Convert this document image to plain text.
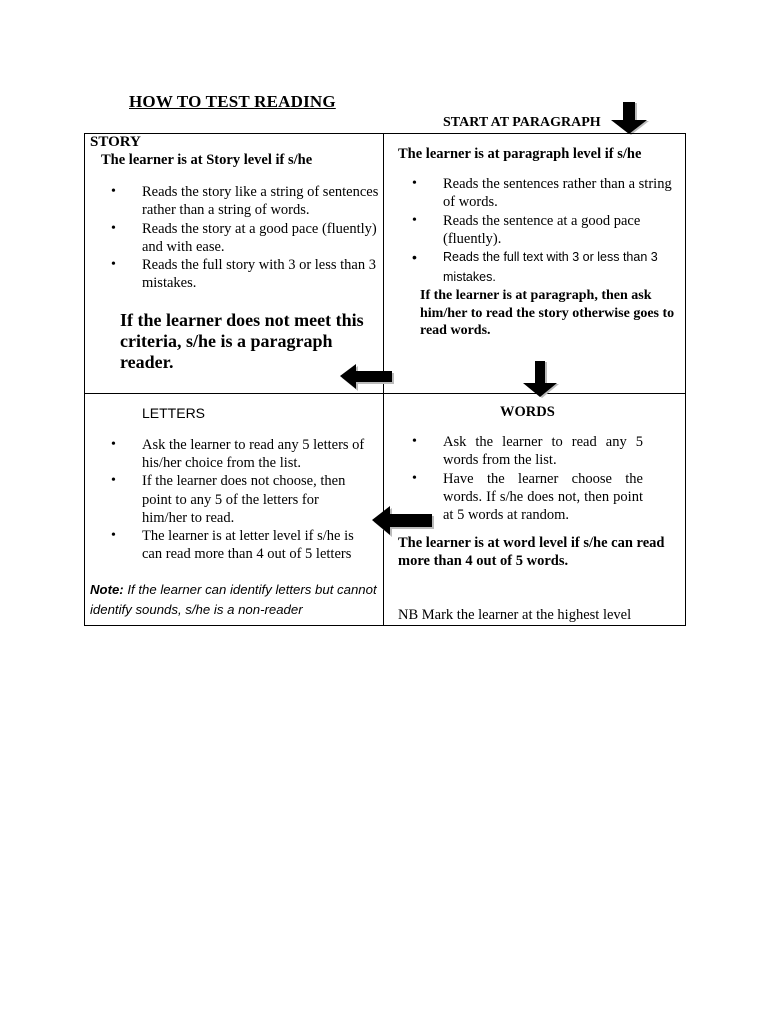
HOW TO TEST READING
START AT PARAGRAPH
STORY
The learner is at Story level if s/he
• Reads the story like a string of sentences rather than a string of words.
• Reads the story at a good pace (fluently) and with ease.
• Reads the full story with 3 or less than 3 mistakes.
If the learner does not meet this criteria, s/he is a paragraph reader.
The learner is at paragraph level if s/he
• Reads the sentences rather than a string of words.
• Reads the sentence at a good pace (fluently).
• Reads the full text with 3 or less than 3 mistakes.
If the learner is at paragraph, then ask him/her to read the story otherwise goes to read words.
LETTERS
• Ask the learner to read any 5 letters of his/her choice from the list.
• If the learner does not choose, then point to any 5 of the letters for him/her to read.
• The learner is at letter level if s/he is can read more than 4 out of 5 letters
Note: If the learner can identify letters but cannot identify sounds, s/he is a non-reader
WORDS
• Ask the learner to read any 5 words from the list.
• Have the learner choose the words. If s/he does not, then point at 5 words at random.
The learner is at word level if s/he can read more than 4 out of 5 words.
NB Mark the learner at the highest level
